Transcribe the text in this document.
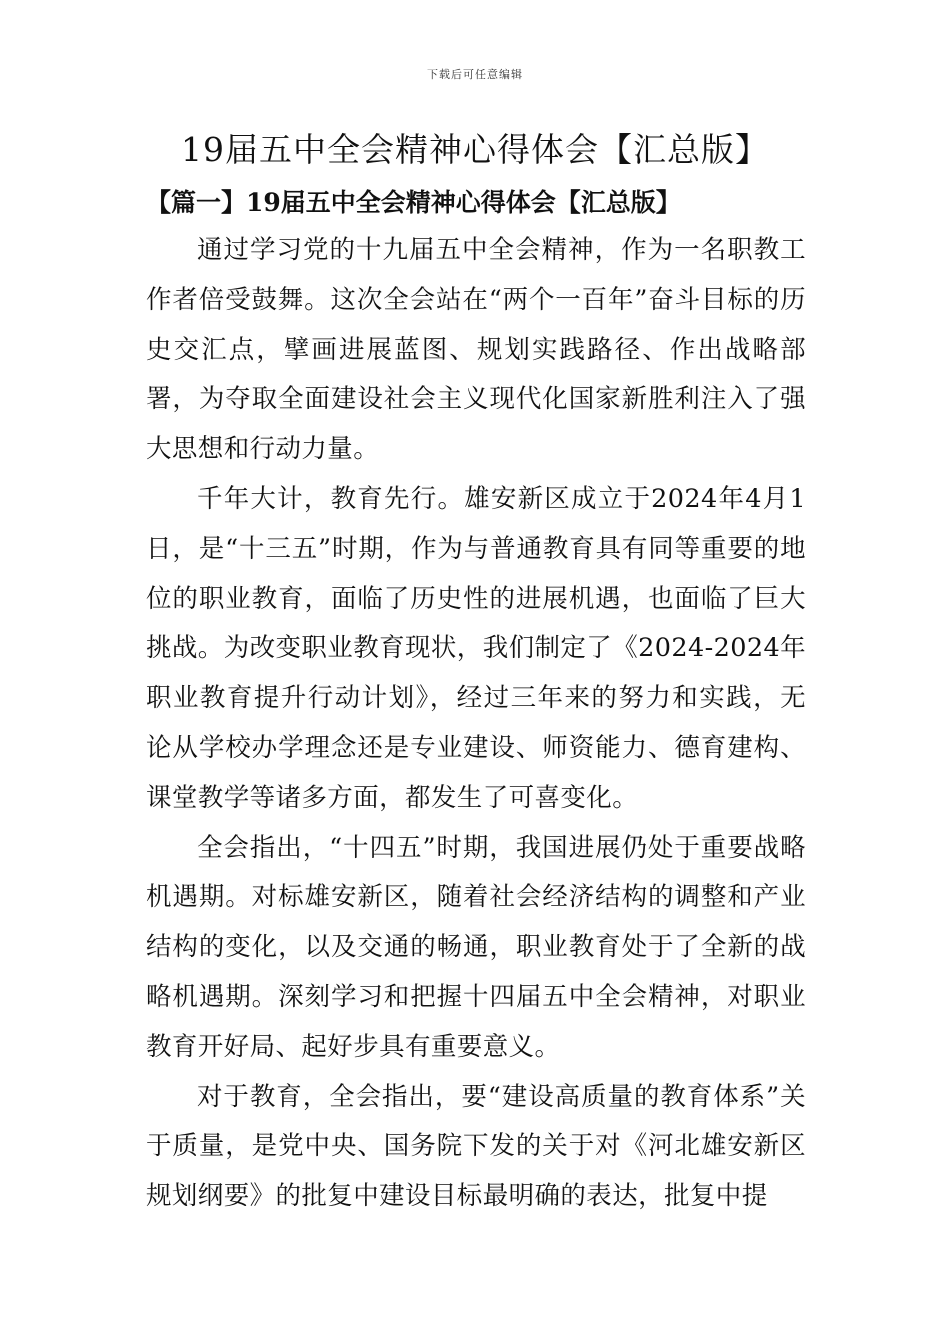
下载后可任意编辑
19届五中全会精神心得体会【汇总版】
【篇一】19届五中全会精神心得体会【汇总版】

通过学习党的十九届五中全会精神，作为一名职教工作者倍受鼓舞。这次全会站在“两个一百年”奋斗目标的历史交汇点，擘画进展蓝图、规划实践路径、作出战略部署，为夺取全面建设社会主义现代化国家新胜利注入了强大思想和行动力量。

千年大计，教育先行。雄安新区成立于2024年4月1日，是“十三五”时期，作为与普通教育具有同等重要的地位的职业教育，面临了历史性的进展机遇，也面临了巨大挑战。为改变职业教育现状，我们制定了《2024-2024年职业教育提升行动计划》，经过三年来的努力和实践，无论从学校办学理念还是专业建设、师资能力、德育建构、课堂教学等诸多方面，都发生了可喜变化。

全会指出，“十四五”时期，我国进展仍处于重要战略机遇期。对标雄安新区，随着社会经济结构的调整和产业结构的变化，以及交通的畅通，职业教育处于了全新的战略机遇期。深刻学习和把握十四届五中全会精神，对职业教育开好局、起好步具有重要意义。

对于教育，全会指出，要“建设高质量的教育体系”关于质量，是党中央、国务院下发的关于对《河北雄安新区规划纲要》的批复中建设目标最明确的表达，批复中提
